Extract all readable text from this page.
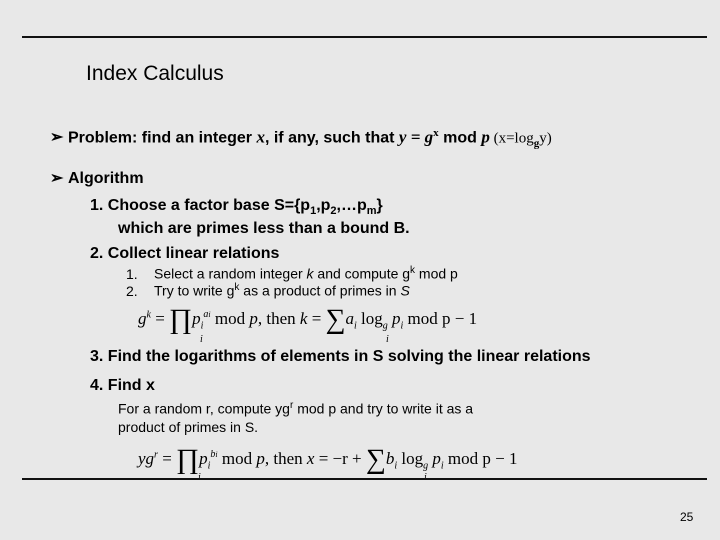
Index Calculus
➢ Problem: find an integer x, if any, such that $y = g^x$ mod p $(x=\log_gy)$
➢ Algorithm
1. Choose a factor base $S=\{p_1,p_2,\dots p_m\}$
which are primes less than a bound B.
2. Collect linear relations
1. Select a random integer k and compute $g^k$ mod p
2. Try to write $g^k$ as a product of primes in S
$g^k$ = $\prod p_i^{ai}$ mod p, then $k = \sum a_i$ $\log_g p_i$ mod p − 1
i	i
3. Find the logarithms of elements in S solving the linear relations
4. Find x
For a random r, compute $yg^r$ mod p and try to write it as a
product of primes in S.
$yg^r$ = $\prod p_i^{bi}$ mod p, then $x = -r + \sum b_i$ $\log_g p_i$ mod p − 1
25
